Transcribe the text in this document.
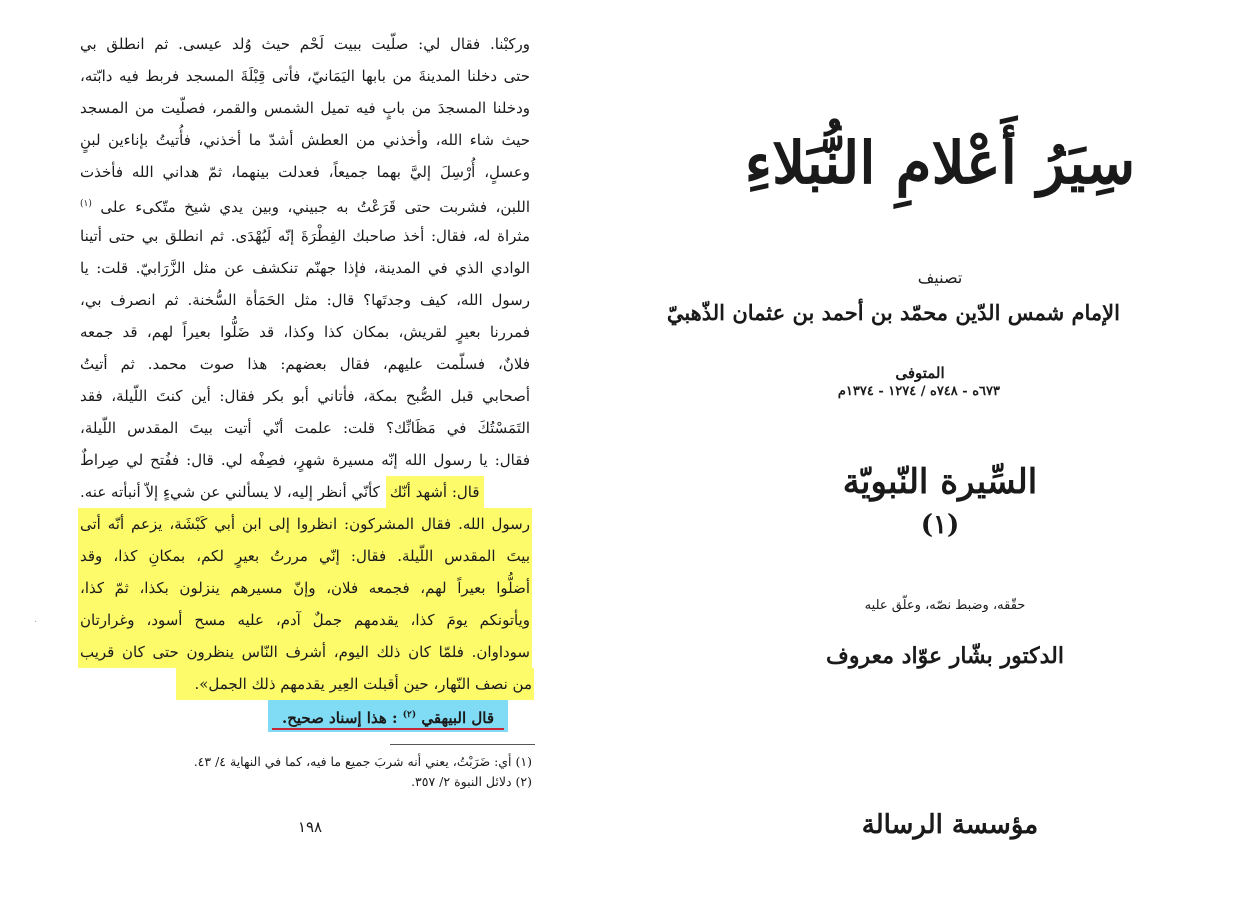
وركبْنا. فقال لي: صلّيت ببيت لَحْم حيث وُلد عيسى. ثم انطلق بي
حتى دخلنا المدينةَ من بابها اليَمَانيّ، فأتى قِبْلَةَ المسجد فربط فيه دابّته،
ودخلنا المسجدَ من بابٍ فيه تميل الشمس والقمر، فصلّيت من المسجد
حيث شاء الله، وأخذني من العطش أشدّ ما أخذني، فأُتيتُ بإناءين لبنٍ
وعسلٍ، أُرْسِلَ إليَّ بهما جميعاً، فعدلت بينهما، ثمّ هداني الله فأخذت
اللبن، فشربت حتى قَرَعْتُ به جبيني، وبين يدي شيخ متّكىء على $^{(١)}$
مثراة له، فقال: أخذ صاحبك الفِطْرَةَ إنّه لَيُهْدَى. ثم انطلق بي حتى أتينا
الوادي الذي في المدينة، فإذا جهنّم تنكشف عن مثل الزَّرَابيّ. قلت: يا
رسول الله، كيف وجدتَها؟ قال: مثل الحَمَأة السُّخنة. ثم انصرف بي،
فمررنا بعيرٍ لقريش، بمكان كذا وكذا، قد ضَلُّوا بعيراً لهم، قد جمعه
فلانٌ، فسلّمت عليهم، فقال بعضهم: هذا صوت محمد. ثم أتيتُ
أصحابي قبل الصُّبح بمكة، فأتاني أبو بكر فقال: أين كنتَ اللّيلة، فقد
التَمَسْتُكَ في مَظَانِّك؟ قلت: علمت أنّي أتيت بيتَ المقدس اللّيلة،
فقال: يا رسول الله إنّه مسيرة شهرٍ، فصِفْه لي. قال: ففُتح لي صِراطٌ
كأنّي أنظر إليه، لا يسألني عن شيءٍ إلاّ أنبأته عنه. قال: أشهد أنّك
رسول الله. فقال المشركون: انظروا إلى ابن أبي كَبْشَة، يزعم أنّه أتى
بيتَ المقدس اللّيلة. فقال: إنّي مررتُ بعيرٍ لكم، بمكانِ كذا، وقد
أضلُّوا بعيراً لهم، فجمعه فلان، وإنّ مسيرهم ينزلون بكذا، ثمّ كذا،
ويأتونكم يومَ كذا، يقدمهم جملٌ آدم، عليه مسح أسود، وغرارتان
سوداوان. فلمّا كان ذلك اليوم، أشرف النّاس ينظرون حتى كان قريب
من نصف النّهار، حين أقبلت العِير يقدمهم ذلك الجمل».
·
قال البيهقي $^{(٢)}$ : هذا إسناد صحيح.
(١) أي: ضَرَبْتُ، يعني أنه شربَ جميع ما فيه، كما في النهاية ٤/ ٤٣.
(٢) دلائل النبوة ٢/ ٣٥٧.
١٩٨
سِيَرُ أَعْلامِ النُّبَلاءِ
تصنيف
الإمام شمس الدّين محمّد بن أحمد بن عثمان الذّهبيّ
المتوفى
٦٧٣ه - ٧٤٨ه / ١٢٧٤ - ١٣٧٤م
السِّيرة النّبويّة
(١)
حقّقه، وضبط نصّه، وعلّق عليه
الدكتور بشّار عوّاد معروف
مؤسسة الرسالة
